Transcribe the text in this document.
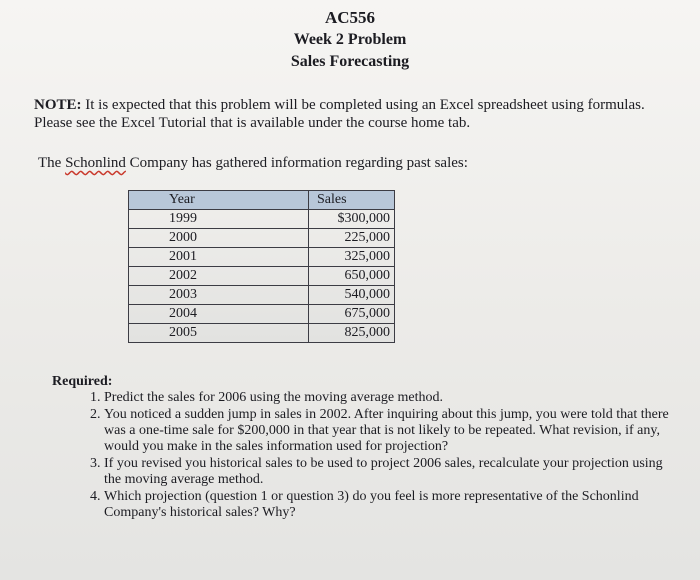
AC556
Week 2 Problem
Sales Forecasting
NOTE: It is expected that this problem will be completed using an Excel spreadsheet using formulas. Please see the Excel Tutorial that is available under the course home tab.
The Schonlind Company has gathered information regarding past sales:
Year	Sales
1999	$300,000
2000	225,000
2001	325,000
2002	650,000
2003	540,000
2004	675,000
2005	825,000
Required:
1. Predict the sales for 2006 using the moving average method.
2. You noticed a sudden jump in sales in 2002. After inquiring about this jump, you were told that there was a one-time sale for $200,000 in that year that is not likely to be repeated. What revision, if any, would you make in the sales information used for projection?
3. If you revised you historical sales to be used to project 2006 sales, recalculate your projection using the moving average method.
4. Which projection (question 1 or question 3) do you feel is more representative of the Schonlind Company's historical sales? Why?
